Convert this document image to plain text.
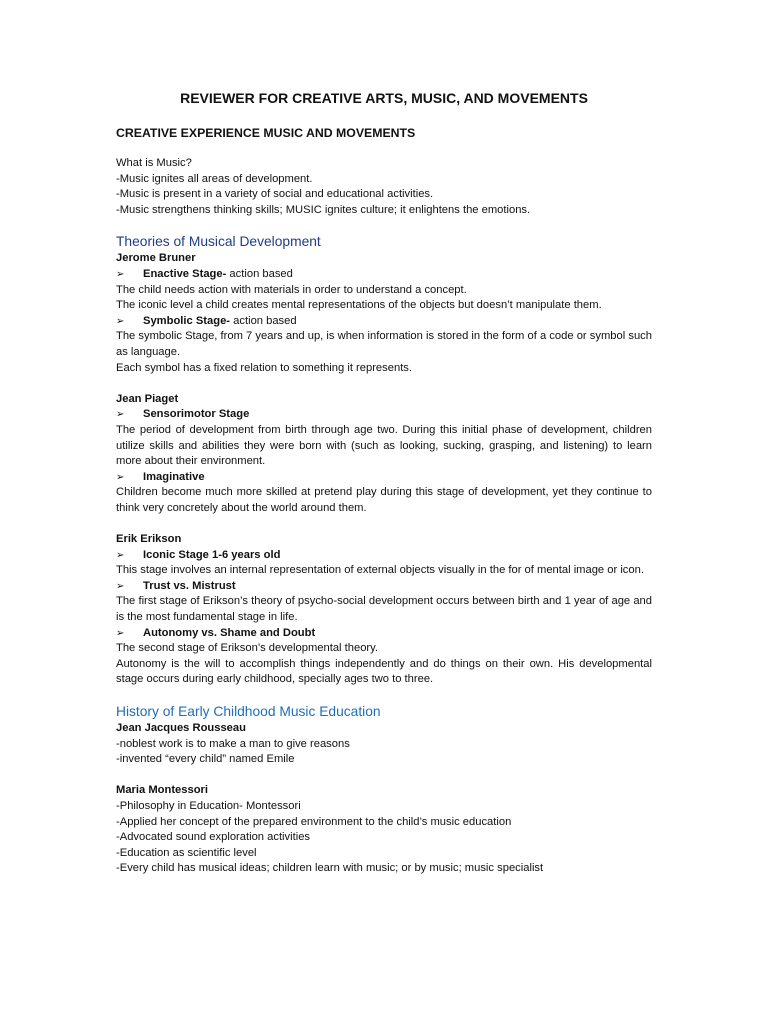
REVIEWER FOR CREATIVE ARTS, MUSIC, AND MOVEMENTS
CREATIVE EXPERIENCE MUSIC AND MOVEMENTS
What is Music?
-Music ignites all areas of development.
-Music is present in a variety of social and educational activities.
-Music strengthens thinking skills; MUSIC ignites culture; it enlightens the emotions.
Theories of Musical Development
Jerome Bruner
➢ Enactive Stage- action based
The child needs action with materials in order to understand a concept.
The iconic level a child creates mental representations of the objects but doesn’t manipulate them.
➢ Symbolic Stage- action based
The symbolic Stage, from 7 years and up, is when information is stored in the form of a code or symbol such as language.
Each symbol has a fixed relation to something it represents.
Jean Piaget
➢ Sensorimotor Stage
The period of development from birth through age two. During this initial phase of development, children utilize skills and abilities they were born with (such as looking, sucking, grasping, and listening) to learn more about their environment.
➢ Imaginative
Children become much more skilled at pretend play during this stage of development, yet they continue to think very concretely about the world around them.
Erik Erikson
➢ Iconic Stage 1-6 years old
This stage involves an internal representation of external objects visually in the for of mental image or icon.
➢ Trust vs. Mistrust
The first stage of Erikson’s theory of psycho-social development occurs between birth and 1 year of age and is the most fundamental stage in life.
➢ Autonomy vs. Shame and Doubt
The second stage of Erikson’s developmental theory.
Autonomy is the will to accomplish things independently and do things on their own. His developmental stage occurs during early childhood, specially ages two to three.
History of Early Childhood Music Education
Jean Jacques Rousseau
-noblest work is to make a man to give reasons
-invented “every child” named Emile
Maria Montessori
-Philosophy in Education- Montessori
-Applied her concept of the prepared environment to the child’s music education
-Advocated sound exploration activities
-Education as scientific level
-Every child has musical ideas; children learn with music; or by music; music specialist
